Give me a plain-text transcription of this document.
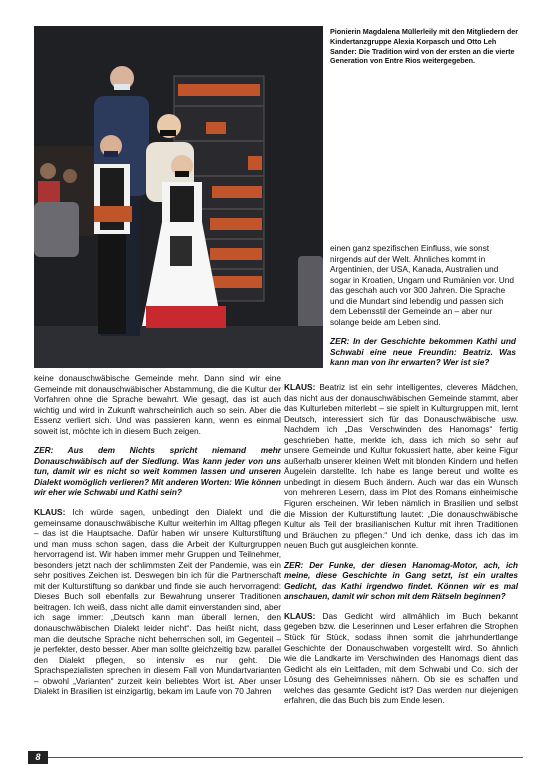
Pionierin Magdalena Müllerleily mit den Mitgliedern der Kindertanzgruppe Alexia Korpasch und Otto Leh Sander: Die Tradition wird von der ersten an die vierte Generation von Entre Rios weitergegeben.

einen ganz spezifischen Einfluss, wie sonst nirgends auf der Welt. Ähnliches kommt in Argentinien, der USA, Kanada, Australien und sogar in Kroatien, Ungarn und Rumänien vor. Und das geschah auch vor 300 Jahren. Die Sprache und die Mundart sind lebendig und passen sich dem Lebensstil der Gemeinde an – aber nur solange beide am Leben sind.

ZER: In der Geschichte bekommen Kathi und Schwabi eine neue Freundin: Beatriz. Was kann man von ihr erwarten? Wer ist sie?

keine donauschwäbische Gemeinde mehr. Dann sind wir eine Gemeinde mit donauschwäbischer Abstammung, die die Kultur der Vorfahren ohne die Sprache bewahrt. Wie gesagt, das ist auch wichtig und wird in Zukunft wahrscheinlich auch so sein. Aber die Essenz verliert sich. Und was passieren kann, wenn es einmal soweit ist, möchte ich in diesem Buch zeigen.

ZER: Aus dem Nichts spricht niemand mehr Donauschwäbisch auf der Siedlung. Was kann jeder von uns tun, damit wir es nicht so weit kommen lassen und unseren Dialekt womöglich verlieren? Mit anderen Worten: Wie können wir eher wie Schwabi und Kathi sein?

KLAUS: Ich würde sagen, unbedingt den Dialekt und die gemeinsame donauschwäbische Kultur weiterhin im Alltag pflegen – das ist die Hauptsache. Dafür haben wir unsere Kulturstiftung und man muss schon sagen, dass die Arbeit der Kulturgruppen hervorragend ist. Wir haben immer mehr Gruppen und Teilnehmer, besonders jetzt nach der schlimmsten Zeit der Pandemie, was ein sehr positives Zeichen ist. Deswegen bin ich für die Partnerschaft mit der Kulturstiftung so dankbar und finde sie auch hervorragend: Dieses Buch soll ebenfalls zur Bewahrung unserer Traditionen beitragen. Ich weiß, dass nicht alle damit einverstanden sind, aber ich sage immer: „Deutsch kann man überall lernen, den donauschwäbischen Dialekt leider nicht“. Das heißt nicht, dass man die deutsche Sprache nicht beherrschen soll, im Gegenteil – je perfekter, desto besser. Aber man sollte gleichzeitig bzw. parallel den Dialekt pflegen, so intensiv es nur geht. Die Sprachspezialisten sprechen in diesem Fall von Mundartvarianten – obwohl „Varianten“ zurzeit kein beliebtes Wort ist. Aber unser Dialekt in Brasilien ist einzigartig, bekam im Laufe von 70 Jahren

KLAUS: Beatriz ist ein sehr intelligentes, cleveres Mädchen, das nicht aus der donauschwäbischen Gemeinde stammt, aber das Kulturleben miterlebt – sie spielt in Kulturgruppen mit, lernt Deutsch, interessiert sich für das Donauschwäbische usw. Nachdem ich „Das Verschwinden des Hanomags“ fertig geschrieben hatte, merkte ich, dass ich mich so sehr auf unsere Gemeinde und Kultur fokussiert hatte, aber keine Figur außerhalb unserer kleinen Welt mit blonden Kindern und hellen Äugelein darstellte. Ich habe es lange bereut und wollte es unbedingt in diesem Buch ändern. Auch war das ein Wunsch von mehreren Lesern, dass im Plot des Romans einheimische Figuren erscheinen. Wir leben nämlich in Brasilien und selbst die Mission der Kulturstiftung lautet: „Die donauschwäbische Kultur als Teil der brasilianischen Kultur mit ihren Traditionen und Bräuchen zu pflegen.“ Und ich denke, dass ich das im neuen Buch gut ausgleichen konnte.

ZER: Der Funke, der diesen Hanomag-Motor, ach, ich meine, diese Geschichte in Gang setzt, ist ein uraltes Gedicht, das Kathi irgendwo findet. Können wir es mal anschauen, damit wir schon mit dem Rätseln beginnen?

KLAUS: Das Gedicht wird allmählich im Buch bekannt gegeben bzw. die Leserinnen und Leser erfahren die Strophen Stück für Stück, sodass ihnen somit die jahrhundertlange Geschichte der Donauschwaben vorgestellt wird. So ähnlich wie die Landkarte im Verschwinden des Hanomags dient das Gedicht als ein Leitfaden, mit dem Schwabi und Co. sich der Lösung des Geheimnisses nähern. Ob sie es schaffen und welches das gesamte Gedicht ist? Das werden nur diejenigen erfahren, die das Buch bis zum Ende lesen.

8
